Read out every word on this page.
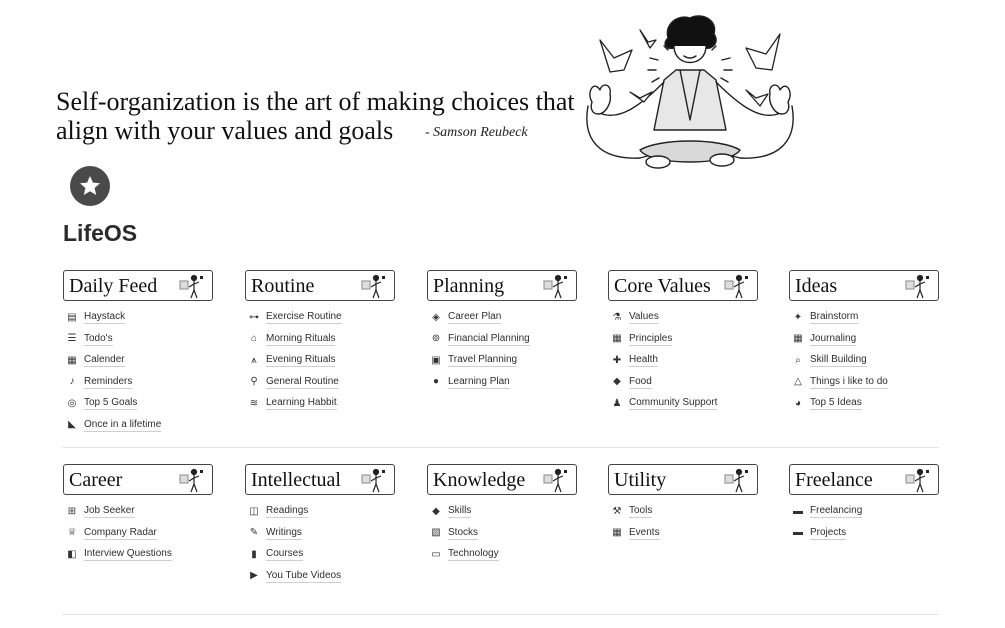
Self-organization is the art of making choices that
align with your values and goals	- Samson Reubeck
LifeOS
Daily Feed
▤ Haystack
☰ Todo's
▦ Calender
♪ Reminders
◎ Top 5 Goals
◣ Once in a lifetime
Routine
⊶ Exercise Routine
⌂ Morning Rituals
⩚ Evening Rituals
⚲ General Routine
≋ Learning Habbit
Planning
◈ Career Plan
⊚ Financial Planning
▣ Travel Planning
● Learning Plan
Core Values
⚗ Values
▦ Principles
✚ Health
◆ Food
♟ Community Support
Ideas
✦ Brainstorm
▦ Journaling
⌕ Skill Building
△ Things i like to do
◕ Top 5 Ideas
Career
⊞ Job Seeker
♕ Company Radar
◧ Interview Questions
Intellectual
◫ Readings
✎ Writings
▮ Courses
▶ You Tube Videos
Knowledge
◆ Skills
▧ Stocks
▭ Technology
Utility
⚒ Tools
▦ Events
Freelance
▬ Freelancing
▬ Projects
